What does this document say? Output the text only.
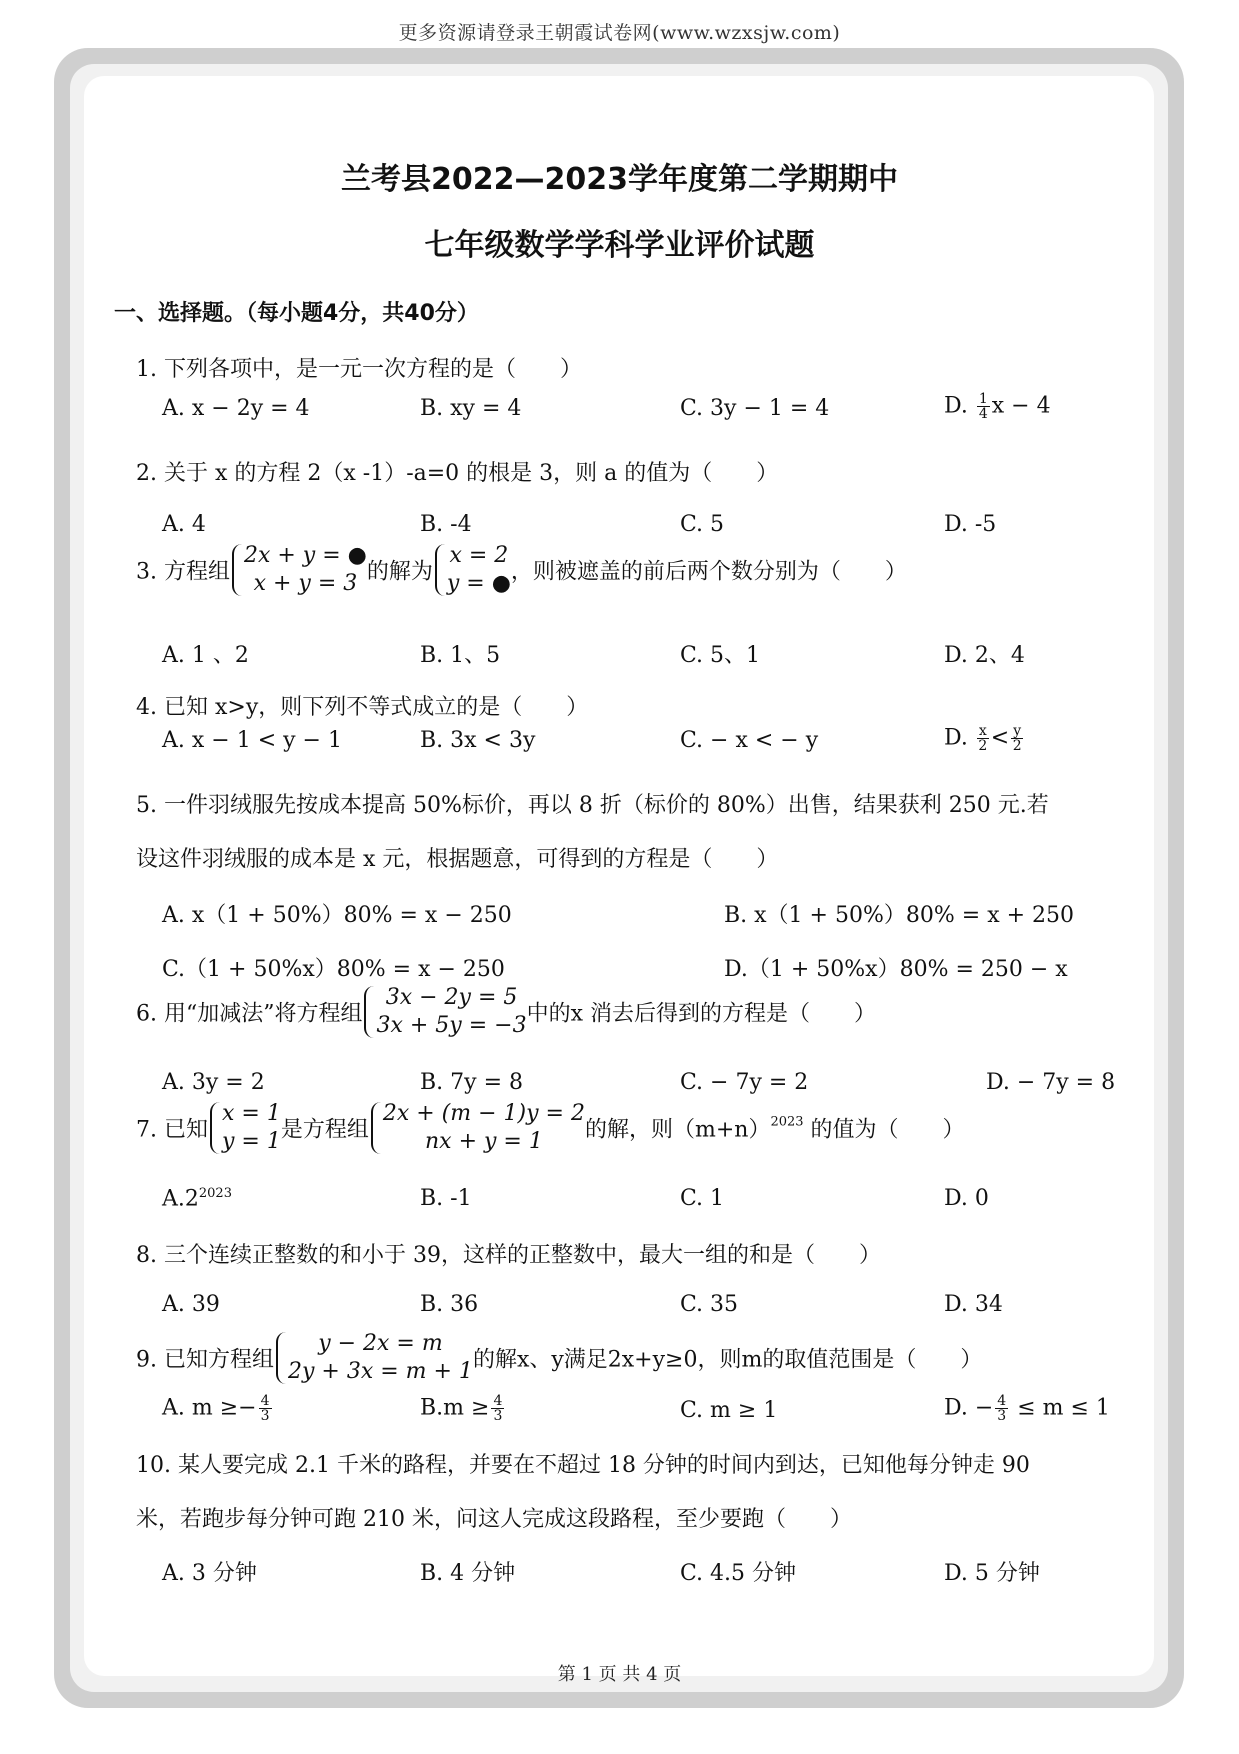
更多资源请登录王朝霞试卷网(www.wzxsjw.com)
兰考县2022—2023学年度第二学期期中
七年级数学学科学业评价试题
一、选择题。（每小题4分，共40分）
1. 下列各项中，是一元一次方程的是（　　）
A. x − 2y = 4	B. xy = 4	C. 3y − 1 = 4	D. $\frac{1}{4}$ x − 4
2. 关于 x 的方程 2（x -1）-a=0 的根是 3，则 a 的值为（　　）
A. 4	B. -4	C. 5	D. -5
3. 方程组
2x + y = ●
x + y = 3 的解为
x = 2
y = ● ，则被遮盖的前后两个数分别为（　　）
A. 1 、2	B. 1、5	C. 5、1	D. 2、4
4. 已知 x>y，则下列不等式成立的是（　　）
A. x − 1 < y − 1	B. 3x < 3y	C. − x < − y	D. $\frac{x}{2} < \frac{y}{2}$
5. 一件羽绒服先按成本提高 50%标价，再以 8 折（标价的 80%）出售，结果获利 250 元.若
设这件羽绒服的成本是 x 元，根据题意，可得到的方程是（　　）
A. x（1 + 50%）80% = x − 250	B. x（1 + 50%）80% = x + 250
C.（1 + 50%x）80% = x − 250	D.（1 + 50%x）80% = 250 − x
6. 用“加减法”将方程组
3x − 2y = 5
3x + 5y = −3 中的x 消去后得到的方程是（　　）
A. 3y = 2	B. 7y = 8	C. − 7y = 2	D. − 7y = 8
7. 已知
x = 1
y = 1 是方程组
2x + (m − 1)y = 2
nx + y = 1	的解，则$(m+n)^{2023}$ 的值为（　　）
$A.2^{2023}$	B. -1	C. 1	D. 0
8. 三个连续正整数的和小于 39，这样的正整数中，最大一组的和是（　　）
A. 39	B. 36	C. 35	D. 34
9. 已知方程组
y − 2x = m
2y + 3x = m + 1 的解x、y满足2x+y≥0，则m的取值范围是（　　）
A. $m \ge- \frac{4}{3}$	$B.m \ge \frac{4}{3}$	C. m ≥ 1	D. − $\frac{4}{3} \le m \le 1$
10. 某人要完成 2.1 千米的路程，并要在不超过 18 分钟的时间内到达，已知他每分钟走 90
米，若跑步每分钟可跑 210 米，问这人完成这段路程，至少要跑（　　）
A. 3 分钟	B. 4 分钟	C. 4.5 分钟	D. 5 分钟
第 1 页 共 4 页
